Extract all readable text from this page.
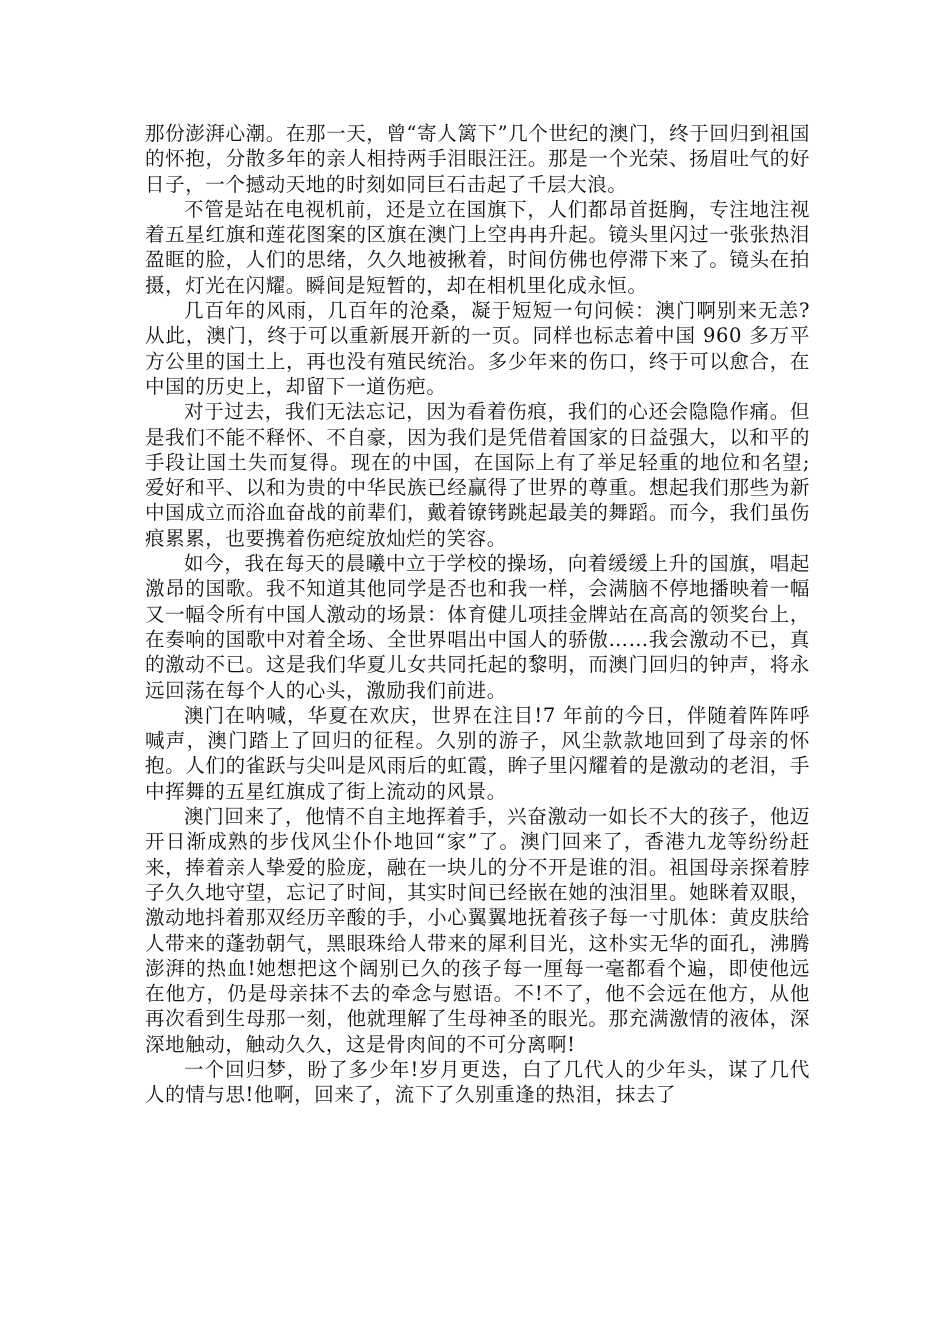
那份澎湃心潮。在那一天，曾“寄人篱下”几个世纪的澳门，终于回归到祖国的怀抱，分散多年的亲人相持两手泪眼汪汪。那是一个光荣、扬眉吐气的好日子，一个撼动天地的时刻如同巨石击起了千层大浪。

不管是站在电视机前，还是立在国旗下，人们都昂首挺胸，专注地注视着五星红旗和莲花图案的区旗在澳门上空冉冉升起。镜头里闪过一张张热泪盈眶的脸，人们的思绪，久久地被揪着，时间仿佛也停滞下来了。镜头在拍摄，灯光在闪耀。瞬间是短暂的，却在相机里化成永恒。

几百年的风雨，几百年的沧桑，凝于短短一句问候：澳门啊别来无恙?从此，澳门，终于可以重新展开新的一页。同样也标志着中国 960 多万平方公里的国土上，再也没有殖民统治。多少年来的伤口，终于可以愈合，在中国的历史上，却留下一道伤疤。

对于过去，我们无法忘记，因为看着伤痕，我们的心还会隐隐作痛。但是我们不能不释怀、不自豪，因为我们是凭借着国家的日益强大，以和平的手段让国土失而复得。现在的中国，在国际上有了举足轻重的地位和名望;爱好和平、以和为贵的中华民族已经赢得了世界的尊重。想起我们那些为新中国成立而浴血奋战的前辈们，戴着镣铐跳起最美的舞蹈。而今，我们虽伤痕累累，也要携着伤疤绽放灿烂的笑容。

如今，我在每天的晨曦中立于学校的操场，向着缓缓上升的国旗，唱起激昂的国歌。我不知道其他同学是否也和我一样，会满脑不停地播映着一幅又一幅令所有中国人激动的场景：体育健儿项挂金牌站在高高的领奖台上，在奏响的国歌中对着全场、全世界唱出中国人的骄傲……我会激动不已，真的激动不已。这是我们华夏儿女共同托起的黎明，而澳门回归的钟声，将永远回荡在每个人的心头，激励我们前进。

澳门在呐喊，华夏在欢庆，世界在注目!7 年前的今日，伴随着阵阵呼喊声，澳门踏上了回归的征程。久别的游子，风尘款款地回到了母亲的怀抱。人们的雀跃与尖叫是风雨后的虹霞，眸子里闪耀着的是激动的老泪，手中挥舞的五星红旗成了街上流动的风景。

澳门回来了，他情不自主地挥着手，兴奋激动一如长不大的孩子，他迈开日渐成熟的步伐风尘仆仆地回“家”了。澳门回来了，香港九龙等纷纷赶来，捧着亲人挚爱的脸庞，融在一块儿的分不开是谁的泪。祖国母亲探着脖子久久地守望，忘记了时间，其实时间已经嵌在她的浊泪里。她眯着双眼，激动地抖着那双经历辛酸的手，小心翼翼地抚着孩子每一寸肌体：黄皮肤给人带来的蓬勃朝气，黑眼珠给人带来的犀利目光，这朴实无华的面孔，沸腾澎湃的热血!她想把这个阔别已久的孩子每一厘每一毫都看个遍，即使他远在他方，仍是母亲抹不去的牵念与慰语。不!不了，他不会远在他方，从他再次看到生母那一刻，他就理解了生母神圣的眼光。那充满激情的液体，深深地触动，触动久久，这是骨肉间的不可分离啊!

一个回归梦，盼了多少年!岁月更迭，白了几代人的少年头，谋了几代人的情与思!他啊，回来了，流下了久别重逢的热泪，抹去了
